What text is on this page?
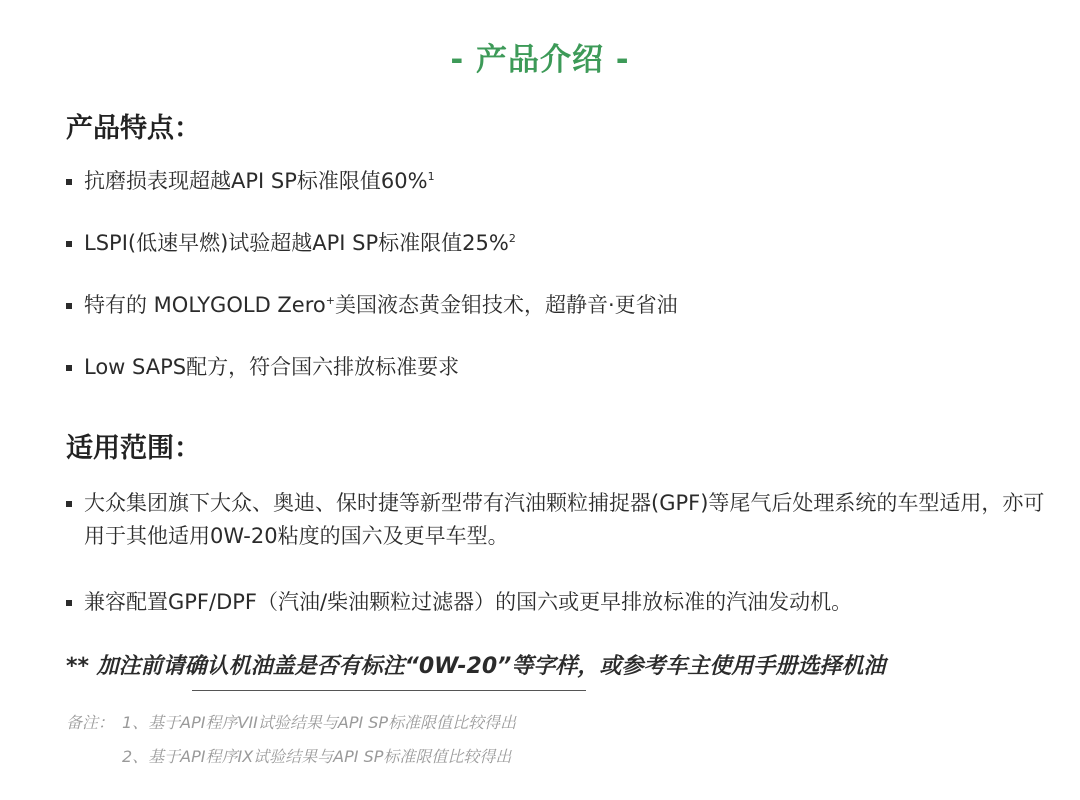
- 产品介绍 -
产品特点：
抗磨损表现超越API SP标准限值60%$^1$
LSPI(低速早燃)试验超越API SP标准限值25%$^2$
特有的 MOLYGOLD Zero+美国液态黄金钼技术，超静音·更省油
Low SAPS配方，符合国六排放标准要求
适用范围：
大众集团旗下大众、奥迪、保时捷等新型带有汽油颗粒捕捉器(GPF)等尾气后处理系统的车型适用，亦可用于其他适用0W-20粘度的国六及更早车型。
兼容配置GPF/DPF（汽油/柴油颗粒过滤器）的国六或更早排放标准的汽油发动机。
** 加注前请确认机油盖是否有标注“0W-20”等字样，或参考车主使用手册选择机油
备注： 1、基于API程序VII试验结果与API SP标准限值比较得出
2、基于API程序IX试验结果与API SP标准限值比较得出
